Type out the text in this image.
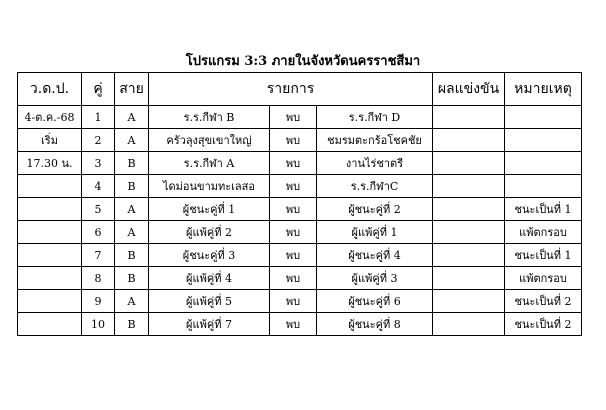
โปรแกรม 3:3 ภายในจังหวัดนครราชสีมา
ว.ด.ป.	คู่	สาย	รายการ			ผลแข่งขัน	หมายเหตุ
4-ต.ค.-68	1	A	ร.ร.กีฬา B	พบ	ร.ร.กีฬา D		
เริ่ม	2	A	ครัวลุงสุขเขาใหญ่	พบ	ชมรมตะกร้อโชคชัย		
17.30 น.	3	B	ร.ร.กีฬา A	พบ	งานไร่ชาตรี		
	4	B	ไดม่อนขามทะเลสอ	พบ	ร.ร.กีฬาC		
	5	A	ผู้ชนะคู่ที่ 1	พบ	ผู้ชนะคู่ที่ 2		ชนะเป็นที่ 1
	6	A	ผู้แพ้คู่ที่ 2	พบ	ผู้แพ้คู่ที่ 1		แพ้ตกรอบ
	7	B	ผู้ชนะคู่ที่ 3	พบ	ผู้ชนะคู่ที่ 4		ชนะเป็นที่ 1
	8	B	ผู้แพ้คู่ที่ 4	พบ	ผู้แพ้คู่ที่ 3		แพ้ตกรอบ
	9	A	ผู้แพ้คู่ที่ 5	พบ	ผู้ชนะคู่ที่ 6		ชนะเป็นที่ 2
	10	B	ผู้แพ้คู่ที่ 7	พบ	ผู้ชนะคู่ที่ 8		ชนะเป็นที่ 2
